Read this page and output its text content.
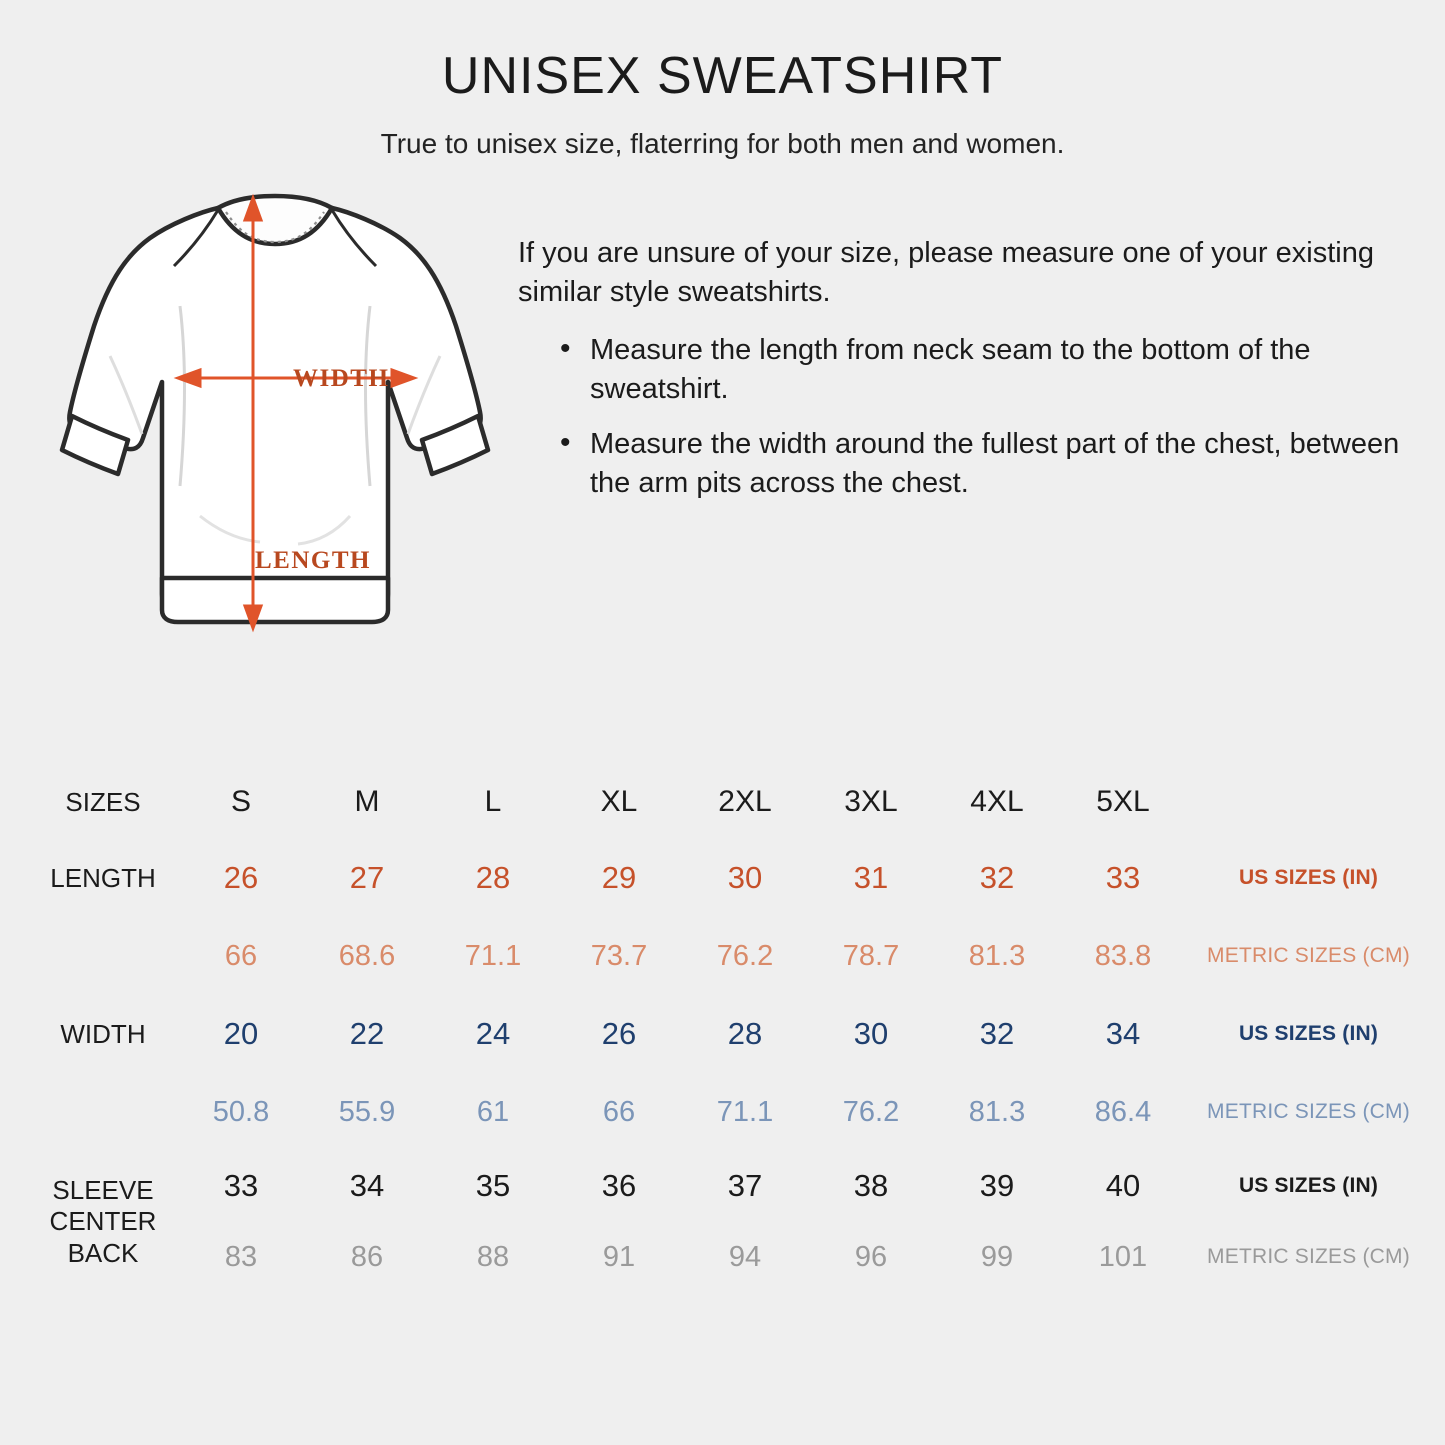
UNISEX SWEATSHIRT

True to unisex size, flaterring for both men and women.

WIDTH
LENGTH

If you are unsure of your size, please measure one of your existing similar style sweatshirts.

• Measure the length from neck seam to the bottom of the sweatshirt.
• Measure the width around the fullest part of the chest, between the arm pits across the chest.
SIZES	S	M	L	XL	2XL	3XL	4XL	5XL	
LENGTH	26	27	28	29	30	31	32	33	US SIZES (IN)
	66	68.6	71.1	73.7	76.2	78.7	81.3	83.8	METRIC SIZES (CM)
WIDTH	20	22	24	26	28	30	32	34	US SIZES (IN)
	50.8	55.9	61	66	71.1	76.2	81.3	86.4	METRIC SIZES (CM)

SLEEVE
CENTER
BACK	33	34	35	36	37	38	39	40	US SIZES (IN)
	83	86	88	91	94	96	99	101	METRIC SIZES (CM)
